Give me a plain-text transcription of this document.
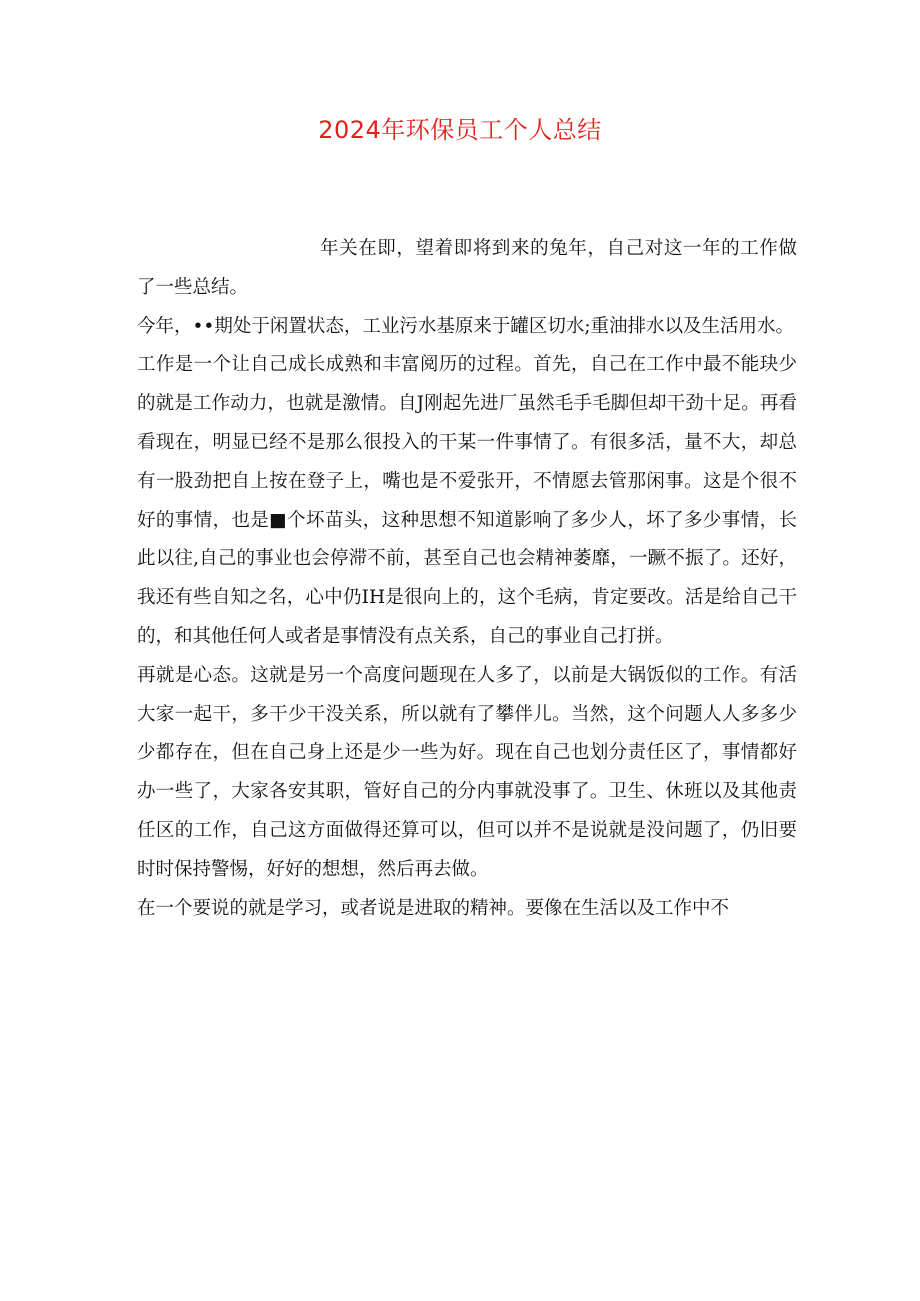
2024年环保员工个人总结

年关在即，望着即将到来的兔年，自己对这一年的工作做了一些总结。

今年，••期处于闲置状态，工业污水基原来于罐区切水;重油排水以及生活用水。

工作是一个让自己成长成熟和丰富阅历的过程。首先，自己在工作中最不能玦少的就是工作动力，也就是激情。自J刚起先进厂虽然毛手毛脚但却干劲十足。再看看现在，明显已经不是那么很投入的干某一件事情了。有很多活，量不大，却总有一股劲把自上按在登子上，嘴也是不爱张开，不情愿去管那闲事。这是个很不好的事情，也是■个坏苗头，这种思想不知道影响了多少人，坏了多少事情，长此以往,自己的事业也会停滞不前，甚至自己也会精神萎靡，一蹶不振了。还好，我还有些自知之名，心中仍IH是很向上的，这个毛病，肯定要改。活是给自己干的，和其他任何人或者是事情没有点关系，自己的事业自己打拼。

再就是心态。这就是另一个高度问题现在人多了，以前是大锅饭似的工作。有活大家一起干，多干少干没关系，所以就有了攀伴儿。当然，这个问题人人多多少少都存在，但在自己身上还是少一些为好。现在自己也划分责任区了，事情都好办一些了，大家各安其职，管好自己的分内事就没事了。卫生、休班以及其他责任区的工作，自己这方面做得还算可以，但可以并不是说就是没问题了，仍旧要时时保持警惕，好好的想想，然后再去做。

在一个要说的就是学习，或者说是进取的精神。要像在生活以及工作中不
